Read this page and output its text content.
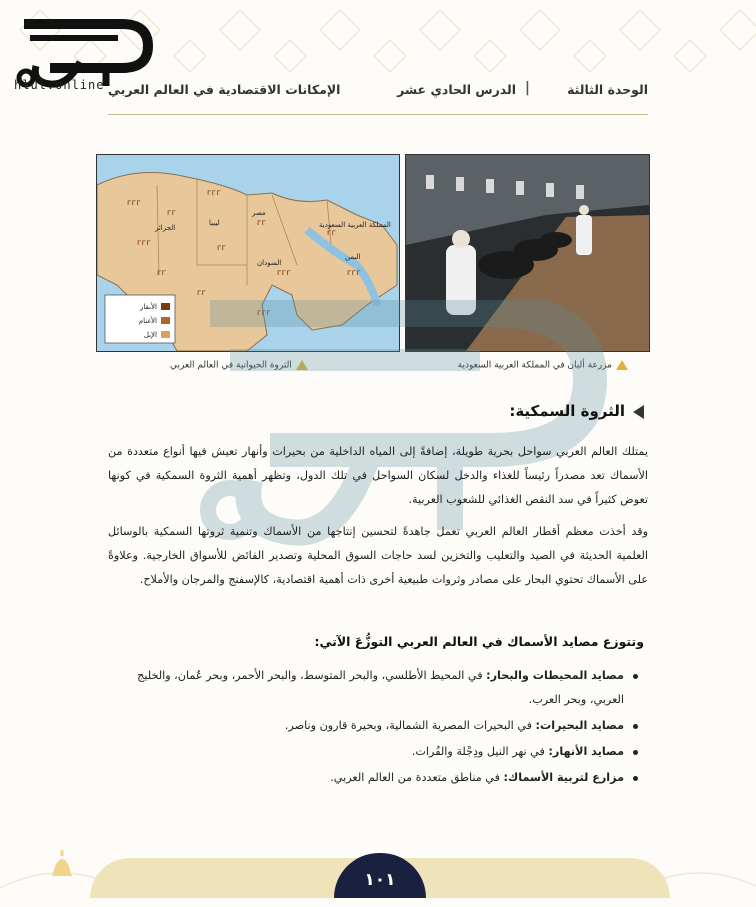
hlul.online	الوحدة الثالثة
|
الدرس الحادي عشر
الإمكانات الاقتصادية في العالم العربي
ᴦᴦᴦ
ᴦᴦ
ᴦᴦᴦ
ᴦᴦ
ᴦᴦᴦ
ᴦᴦ
ᴦᴦᴦ
ᴦᴦ
ᴦᴦᴦ
ᴦᴦ
ᴦᴦᴦ
ᴦᴦ
مصر
الجزائر
ليبيا
السودان
المملكة العربية السعودية
اليمن
الأبقار
الأغنام
الإبل
الثروة الحيوانية في العالم العربي	مزرعة ألبان في المملكة العربية السعودية
الثروة السمكية:
يمتلك العالم العربي سواحل بحرية طويلة، إضافةً إلى المياه الداخلية من بحيرات وأنهار تعيش فيها أنواع متعددة من الأسماك تعد مصدراً رئيساً للغذاء والدخل لسكان السواحل في تلك الدول، وتظهر أهمية الثروة السمكية في كونها تعوض كثيراً في سد النقص الغذائي للشعوب العربية.
وقد أخذت معظم أقطار العالم العربي تعمل جاهدةً لتحسين إنتاجها من الأسماك وتنمية ثروتها السمكية بالوسائل العلمية الحديثة في الصيد والتعليب والتخزين لسد حاجات السوق المحلية وتصدير الفائض للأسواق الخارجية. وعلاوةً على الأسماك تحتوي البحار على مصادر وثروات طبيعية أخرى ذات أهمية اقتصادية، كالإسفنج والمرجان والأملاح.
وتتوزع مصايد الأسماك في العالم العربي التوزُّعَ الآتي:
مصايد المحيطات والبحار: في المحيط الأطلسي، والبحر المتوسط، والبحر الأحمر، وبحر عُمان، والخليج العربي، وبحر العرب.
مصايد البحيرات: في البحيرات المصرية الشمالية، وبحيرة قارون وناصر.
مصايد الأنهار: في نهر النيل ودِجْلة والفُرات.
مزارع لتربية الأسماك: في مناطق متعددة من العالم العربي.
١٠١
